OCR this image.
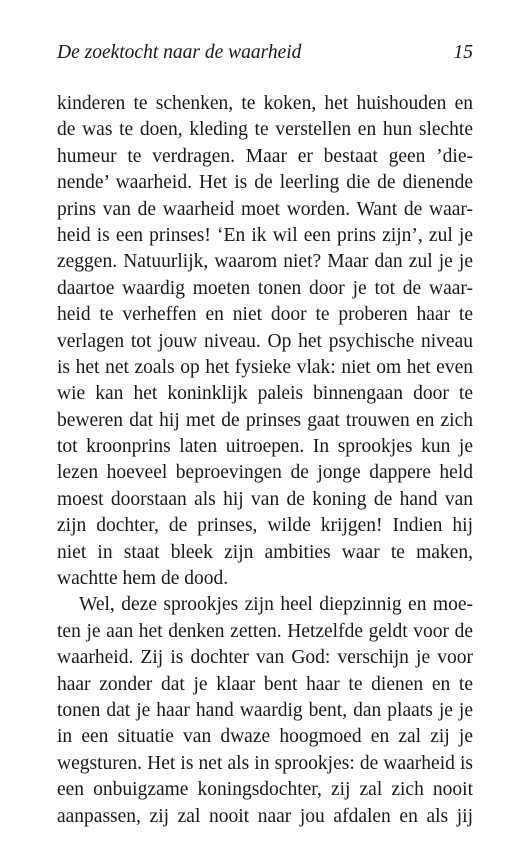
De zoektocht naar de waarheid	15
kinderen te schenken, te koken, het huishouden en
de was te doen, kleding te verstellen en hun slechte
humeur te verdragen. Maar er bestaat geen ’die-
nende’ waarheid. Het is de leerling die de dienende
prins van de waarheid moet worden. Want de waar-
heid is een prinses! ‘En ik wil een prins zijn’, zul je
zeggen. Natuurlijk, waarom niet? Maar dan zul je je
daartoe waardig moeten tonen door je tot de waar-
heid te verheffen en niet door te proberen haar te
verlagen tot jouw niveau. Op het psychische niveau
is het net zoals op het fysieke vlak: niet om het even
wie kan het koninklijk paleis binnengaan door te
beweren dat hij met de prinses gaat trouwen en zich
tot kroonprins laten uitroepen. In sprookjes kun je
lezen hoeveel beproevingen de jonge dappere held
moest doorstaan als hij van de koning de hand van
zijn dochter, de prinses, wilde krijgen! Indien hij
niet in staat bleek zijn ambities waar te maken,
wachtte hem de dood.
Wel, deze sprookjes zijn heel diepzinnig en moe-
ten je aan het denken zetten. Hetzelfde geldt voor de
waarheid. Zij is dochter van God: verschijn je voor
haar zonder dat je klaar bent haar te dienen en te
tonen dat je haar hand waardig bent, dan plaats je je
in een situatie van dwaze hoogmoed en zal zij je
wegsturen. Het is net als in sprookjes: de waarheid is
een onbuigzame koningsdochter, zij zal zich nooit
aanpassen, zij zal nooit naar jou afdalen en als jij
